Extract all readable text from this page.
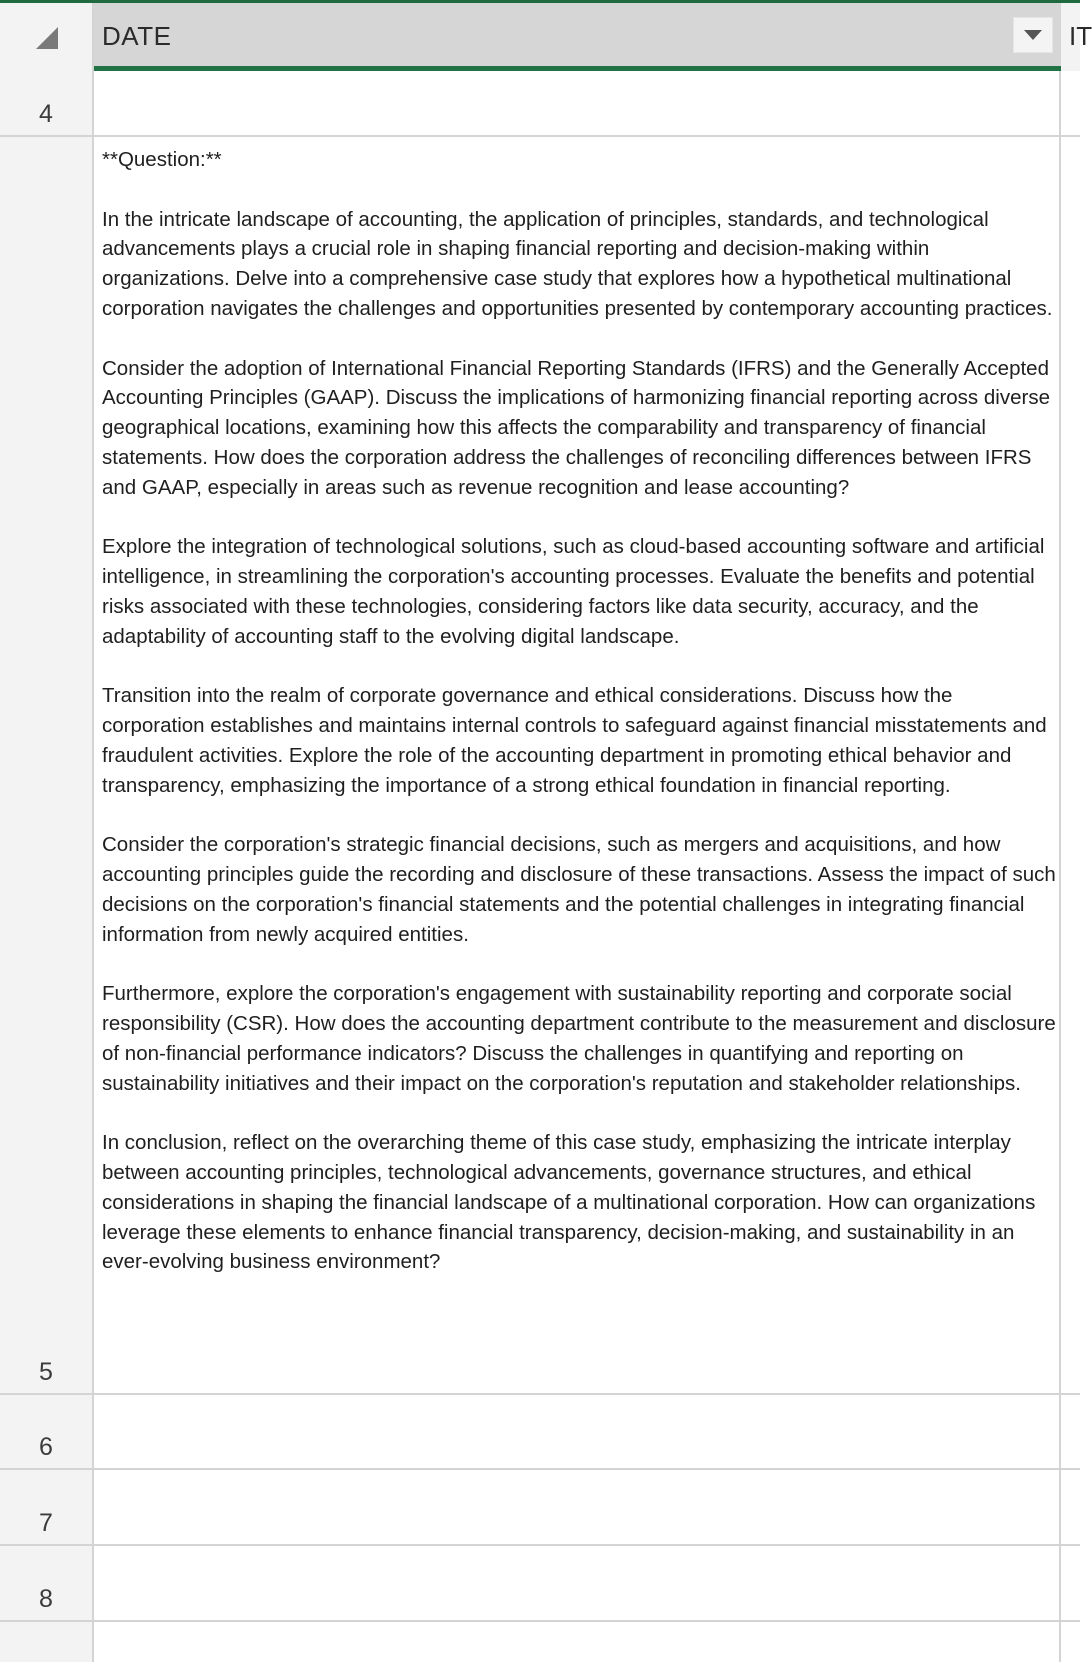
DATE	IT
4
5

**Question:**

In the intricate landscape of accounting, the application of principles, standards, and technological advancements plays a crucial role in shaping financial reporting and decision-making within organizations. Delve into a comprehensive case study that explores how a hypothetical multinational corporation navigates the challenges and opportunities presented by contemporary accounting practices.

Consider the adoption of International Financial Reporting Standards (IFRS) and the Generally Accepted Accounting Principles (GAAP). Discuss the implications of harmonizing financial reporting across diverse geographical locations, examining how this affects the comparability and transparency of financial statements. How does the corporation address the challenges of reconciling differences between IFRS and GAAP, especially in areas such as revenue recognition and lease accounting?

Explore the integration of technological solutions, such as cloud-based accounting software and artificial intelligence, in streamlining the corporation's accounting processes. Evaluate the benefits and potential risks associated with these technologies, considering factors like data security, accuracy, and the adaptability of accounting staff to the evolving digital landscape.

Transition into the realm of corporate governance and ethical considerations. Discuss how the corporation establishes and maintains internal controls to safeguard against financial misstatements and fraudulent activities. Explore the role of the accounting department in promoting ethical behavior and transparency, emphasizing the importance of a strong ethical foundation in financial reporting.

Consider the corporation's strategic financial decisions, such as mergers and acquisitions, and how accounting principles guide the recording and disclosure of these transactions. Assess the impact of such decisions on the corporation's financial statements and the potential challenges in integrating financial information from newly acquired entities.

Furthermore, explore the corporation's engagement with sustainability reporting and corporate social responsibility (CSR). How does the accounting department contribute to the measurement and disclosure of non-financial performance indicators? Discuss the challenges in quantifying and reporting on sustainability initiatives and their impact on the corporation's reputation and stakeholder relationships.

In conclusion, reflect on the overarching theme of this case study, emphasizing the intricate interplay between accounting principles, technological advancements, governance structures, and ethical considerations in shaping the financial landscape of a multinational corporation. How can organizations leverage these elements to enhance financial transparency, decision-making, and sustainability in an ever-evolving business environment?

6
7
8
